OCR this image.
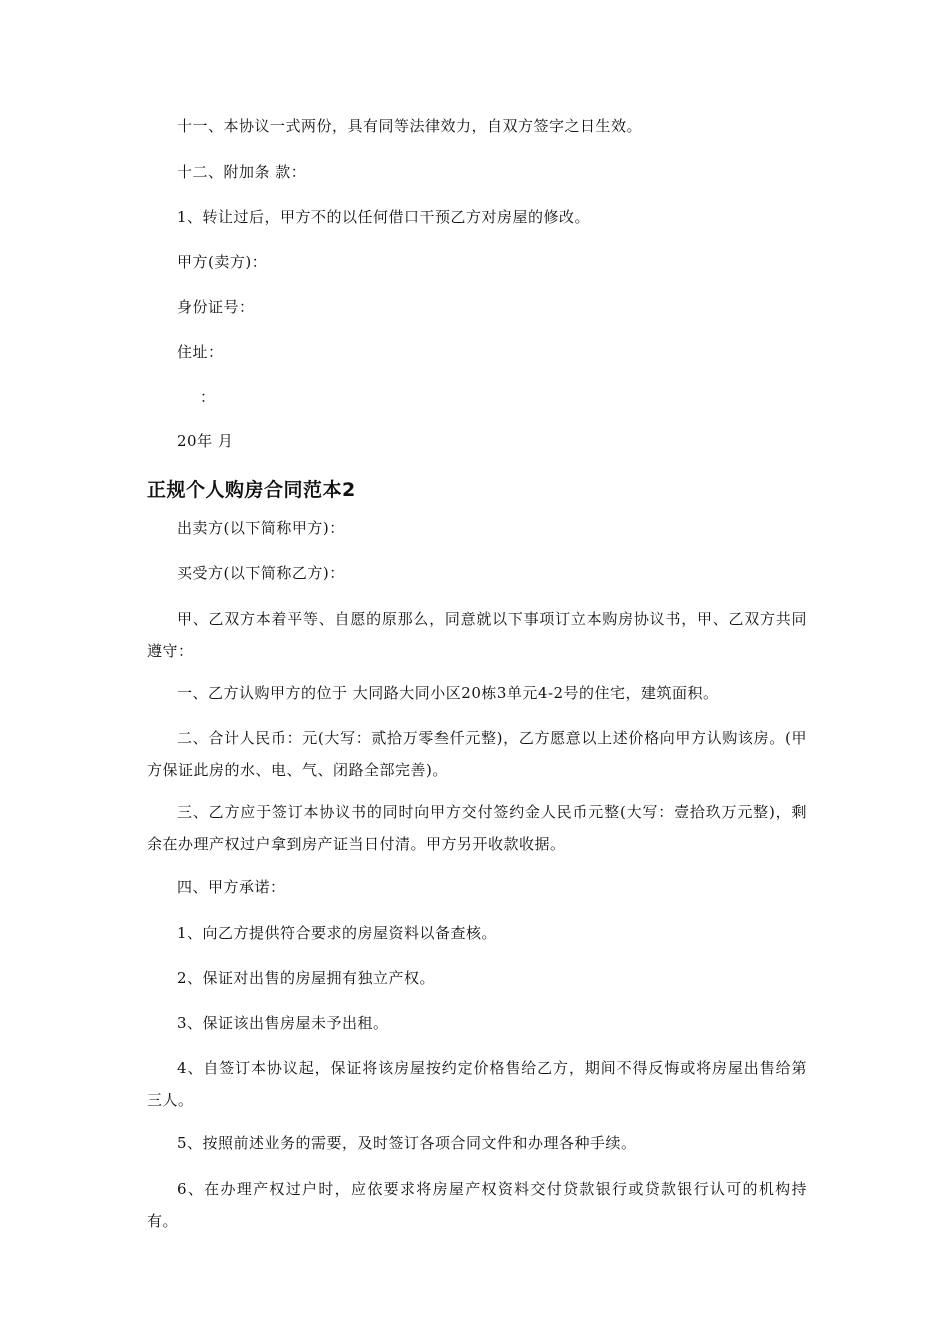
十一、本协议一式两份，具有同等法律效力，自双方签字之日生效。
十二、附加条 款：
1、转让过后，甲方不的以任何借口干预乙方对房屋的修改。
甲方(卖方)：
身份证号：
住址：
：
20年 月
正规个人购房合同范本2
出卖方(以下简称甲方)：
买受方(以下简称乙方)：
甲、乙双方本着平等、自愿的原那么，同意就以下事项订立本购房协议书，甲、乙双方共同遵守：
一、乙方认购甲方的位于 大同路大同小区20栋3单元4-2号的住宅，建筑面积。
二、合计人民币：元(大写：贰拾万零叁仟元整)，乙方愿意以上述价格向甲方认购该房。(甲方保证此房的水、电、气、闭路全部完善)。
三、乙方应于签订本协议书的同时向甲方交付签约金人民币元整(大写：壹拾玖万元整)，剩余在办理产权过户拿到房产证当日付清。甲方另开收款收据。
四、甲方承诺：
1、向乙方提供符合要求的房屋资料以备查核。
2、保证对出售的房屋拥有独立产权。
3、保证该出售房屋未予出租。
4、自签订本协议起，保证将该房屋按约定价格售给乙方，期间不得反悔或将房屋出售给第三人。
5、按照前述业务的需要，及时签订各项合同文件和办理各种手续。
6、在办理产权过户时，应依要求将房屋产权资料交付贷款银行或贷款银行认可的机构持有。
